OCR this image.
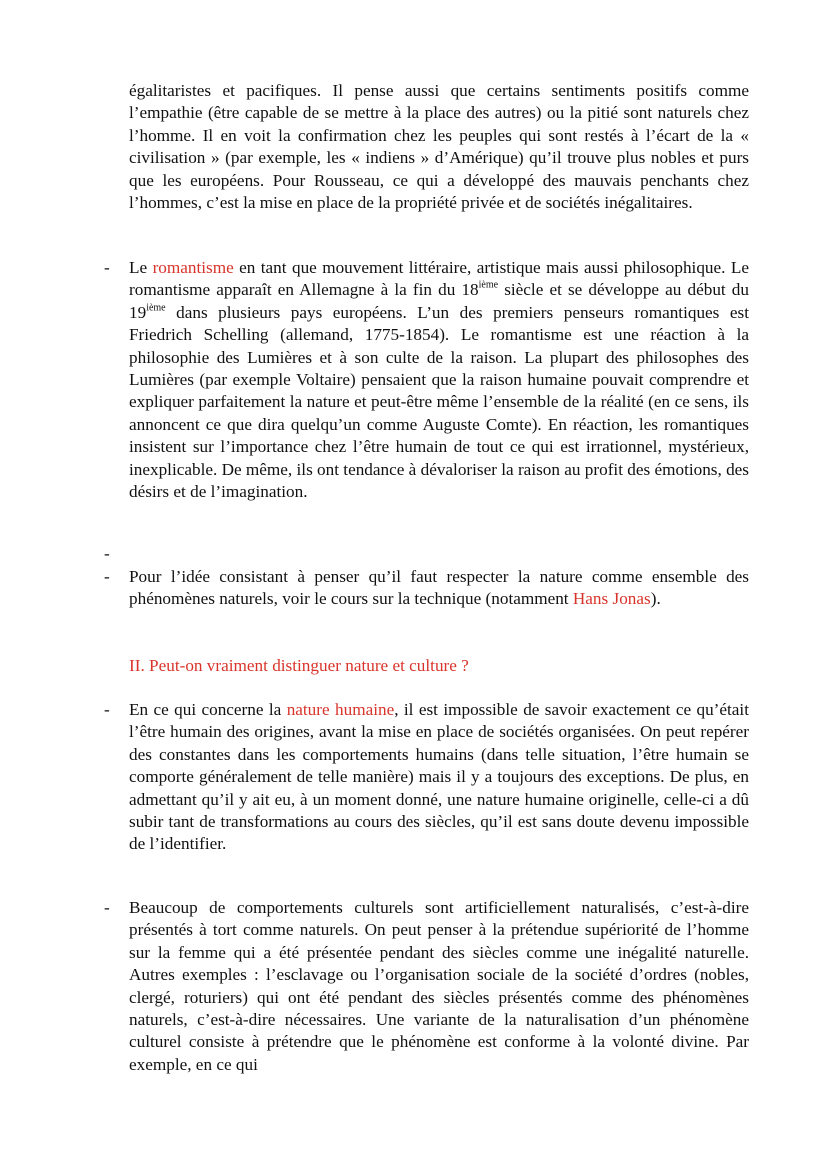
égalitaristes et pacifiques. Il pense aussi que certains sentiments positifs comme l’empathie (être capable de se mettre à la place des autres) ou la pitié sont naturels chez l’homme. Il en voit la confirmation chez les peuples qui sont restés à l’écart de la « civilisation » (par exemple, les « indiens » d’Amérique) qu’il trouve plus nobles et purs que les européens. Pour Rousseau, ce qui a développé des mauvais penchants chez l’hommes, c’est la mise en place de la propriété privée et de sociétés inégalitaires.

- Le romantisme en tant que mouvement littéraire, artistique mais aussi philosophique. Le romantisme apparaît en Allemagne à la fin du 18ième siècle et se développe au début du 19ième dans plusieurs pays européens. L’un des premiers penseurs romantiques est Friedrich Schelling (allemand, 1775-1854). Le romantisme est une réaction à la philosophie des Lumières et à son culte de la raison. La plupart des philosophes des Lumières (par exemple Voltaire) pensaient que la raison humaine pouvait comprendre et expliquer parfaitement la nature et peut-être même l’ensemble de la réalité (en ce sens, ils annoncent ce que dira quelqu’un comme Auguste Comte). En réaction, les romantiques insistent sur l’importance chez l’être humain de tout ce qui est irrationnel, mystérieux, inexplicable. De même, ils ont tendance à dévaloriser la raison au profit des émotions, des désirs et de l’imagination.

-
- Pour l’idée consistant à penser qu’il faut respecter la nature comme ensemble des phénomènes naturels, voir le cours sur la technique (notamment Hans Jonas).

II. Peut-on vraiment distinguer nature et culture ?

- En ce qui concerne la nature humaine, il est impossible de savoir exactement ce qu’était l’être humain des origines, avant la mise en place de sociétés organisées. On peut repérer des constantes dans les comportements humains (dans telle situation, l’être humain se comporte généralement de telle manière) mais il y a toujours des exceptions. De plus, en admettant qu’il y ait eu, à un moment donné, une nature humaine originelle, celle-ci a dû subir tant de transformations au cours des siècles, qu’il est sans doute devenu impossible de l’identifier.

- Beaucoup de comportements culturels sont artificiellement naturalisés, c’est-à-dire présentés à tort comme naturels. On peut penser à la prétendue supériorité de l’homme sur la femme qui a été présentée pendant des siècles comme une inégalité naturelle. Autres exemples : l’esclavage ou l’organisation sociale de la société d’ordres (nobles, clergé, roturiers) qui ont été pendant des siècles présentés comme des phénomènes naturels, c’est-à-dire nécessaires. Une variante de la naturalisation d’un phénomène culturel consiste à prétendre que le phénomène est conforme à la volonté divine. Par exemple, en ce qui
